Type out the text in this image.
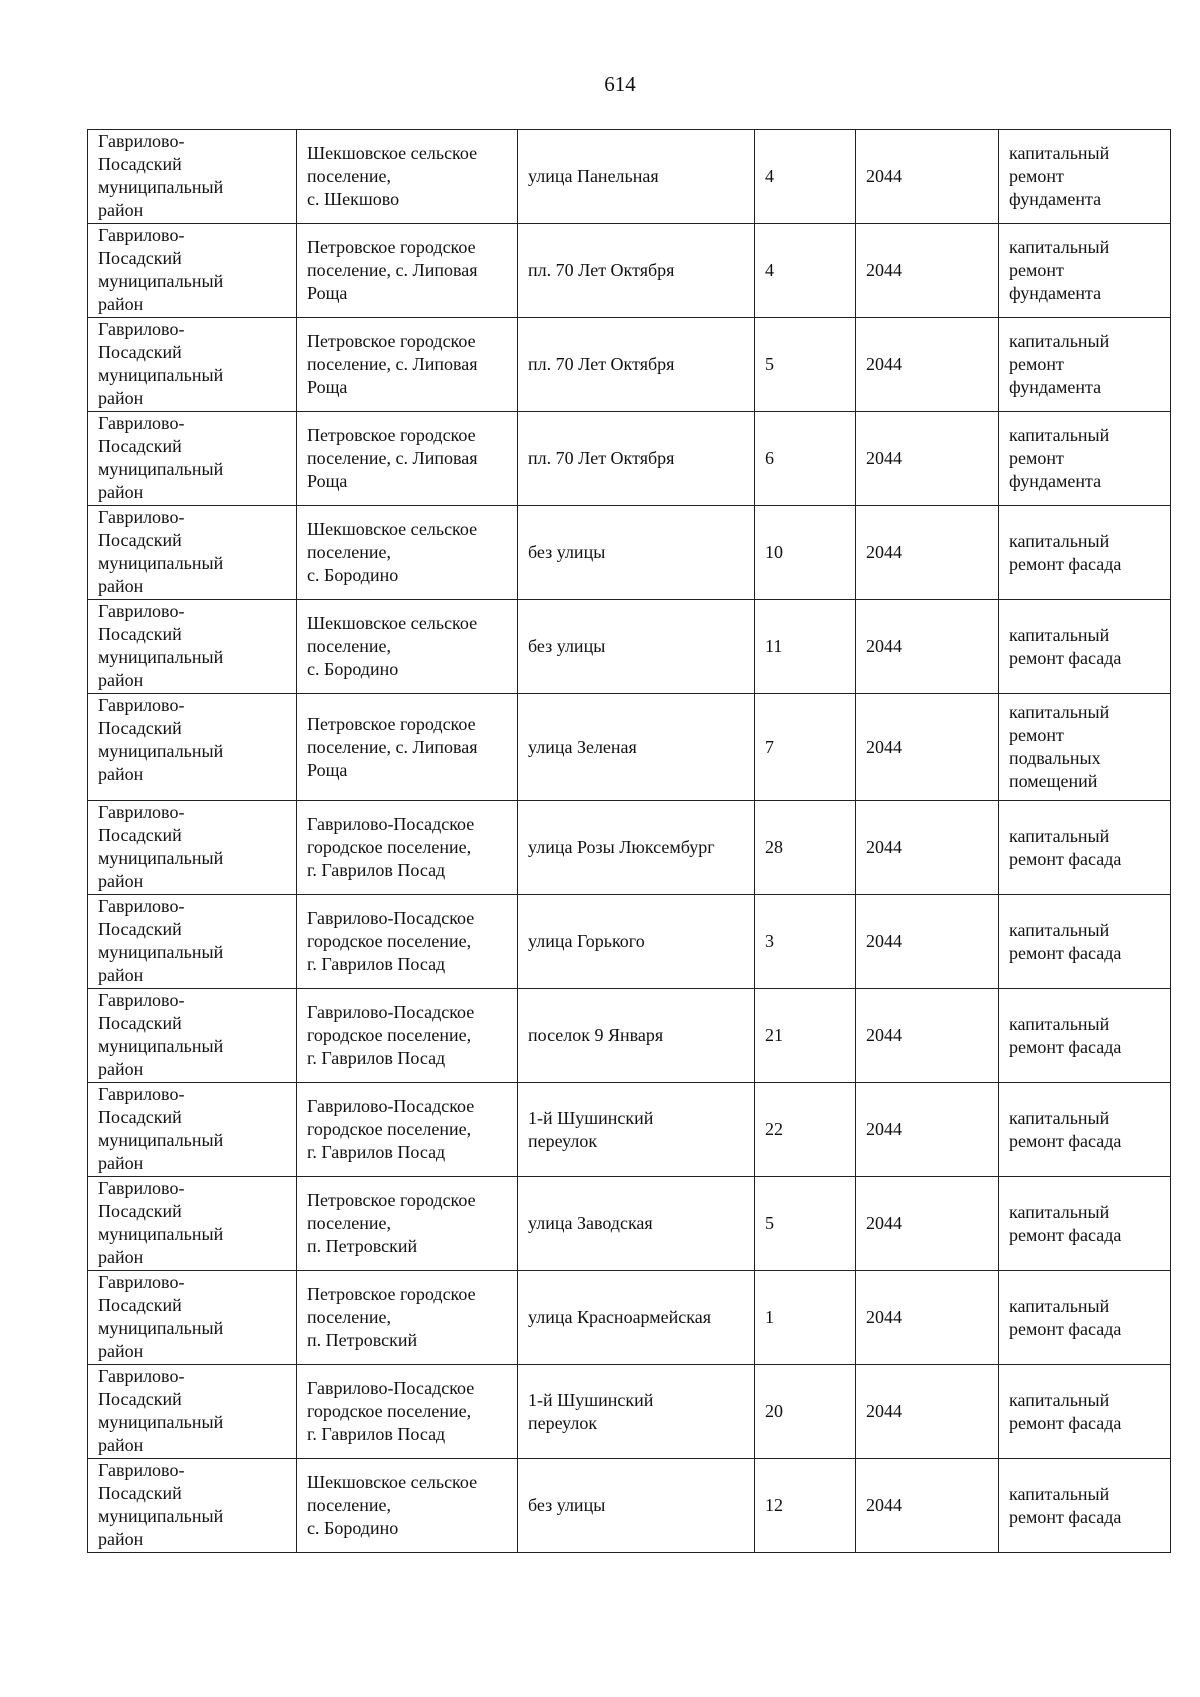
614
Гаврилово-
Посадский
муниципальный
район	Шекшовское сельское
поселение,
с. Шекшово	улица Панельная	4	2044	капитальный
ремонт
фундамента

Гаврилово-
Посадский
муниципальный
район	Петровское городское
поселение, с. Липовая
Роща	пл. 70 Лет Октября	4	2044	капитальный
ремонт
фундамента

Гаврилово-
Посадский
муниципальный
район	Петровское городское
поселение, с. Липовая
Роща	пл. 70 Лет Октября	5	2044	капитальный
ремонт
фундамента

Гаврилово-
Посадский
муниципальный
район	Петровское городское
поселение, с. Липовая
Роща	пл. 70 Лет Октября	6	2044	капитальный
ремонт
фундамента

Гаврилово-
Посадский
муниципальный
район	Шекшовское сельское
поселение,
с. Бородино	без улицы	10	2044	капитальный
ремонт фасада

Гаврилово-
Посадский
муниципальный
район	Шекшовское сельское
поселение,
с. Бородино	без улицы	11	2044	капитальный
ремонт фасада

Гаврилово-
Посадский
муниципальный
район	Петровское городское
поселение, с. Липовая
Роща	улица Зеленая	7	2044	капитальный
ремонт
подвальных
помещений

Гаврилово-
Посадский
муниципальный
район	Гаврилово-Посадское
городское поселение,
г. Гаврилов Посад	улица Розы Люксембург	28	2044	капитальный
ремонт фасада

Гаврилово-
Посадский
муниципальный
район	Гаврилово-Посадское
городское поселение,
г. Гаврилов Посад	улица Горького	3	2044	капитальный
ремонт фасада

Гаврилово-
Посадский
муниципальный
район	Гаврилово-Посадское
городское поселение,
г. Гаврилов Посад	поселок 9 Января	21	2044	капитальный
ремонт фасада

Гаврилово-
Посадский
муниципальный
район	Гаврилово-Посадское
городское поселение,
г. Гаврилов Посад	1-й Шушинский
переулок	22	2044	капитальный
ремонт фасада

Гаврилово-
Посадский
муниципальный
район	Петровское городское
поселение,
п. Петровский	улица Заводская	5	2044	капитальный
ремонт фасада

Гаврилово-
Посадский
муниципальный
район	Петровское городское
поселение,
п. Петровский	улица Красноармейская	1	2044	капитальный
ремонт фасада

Гаврилово-
Посадский
муниципальный
район	Гаврилово-Посадское
городское поселение,
г. Гаврилов Посад	1-й Шушинский
переулок	20	2044	капитальный
ремонт фасада

Гаврилово-
Посадский
муниципальный
район	Шекшовское сельское
поселение,
с. Бородино	без улицы	12	2044	капитальный
ремонт фасада
